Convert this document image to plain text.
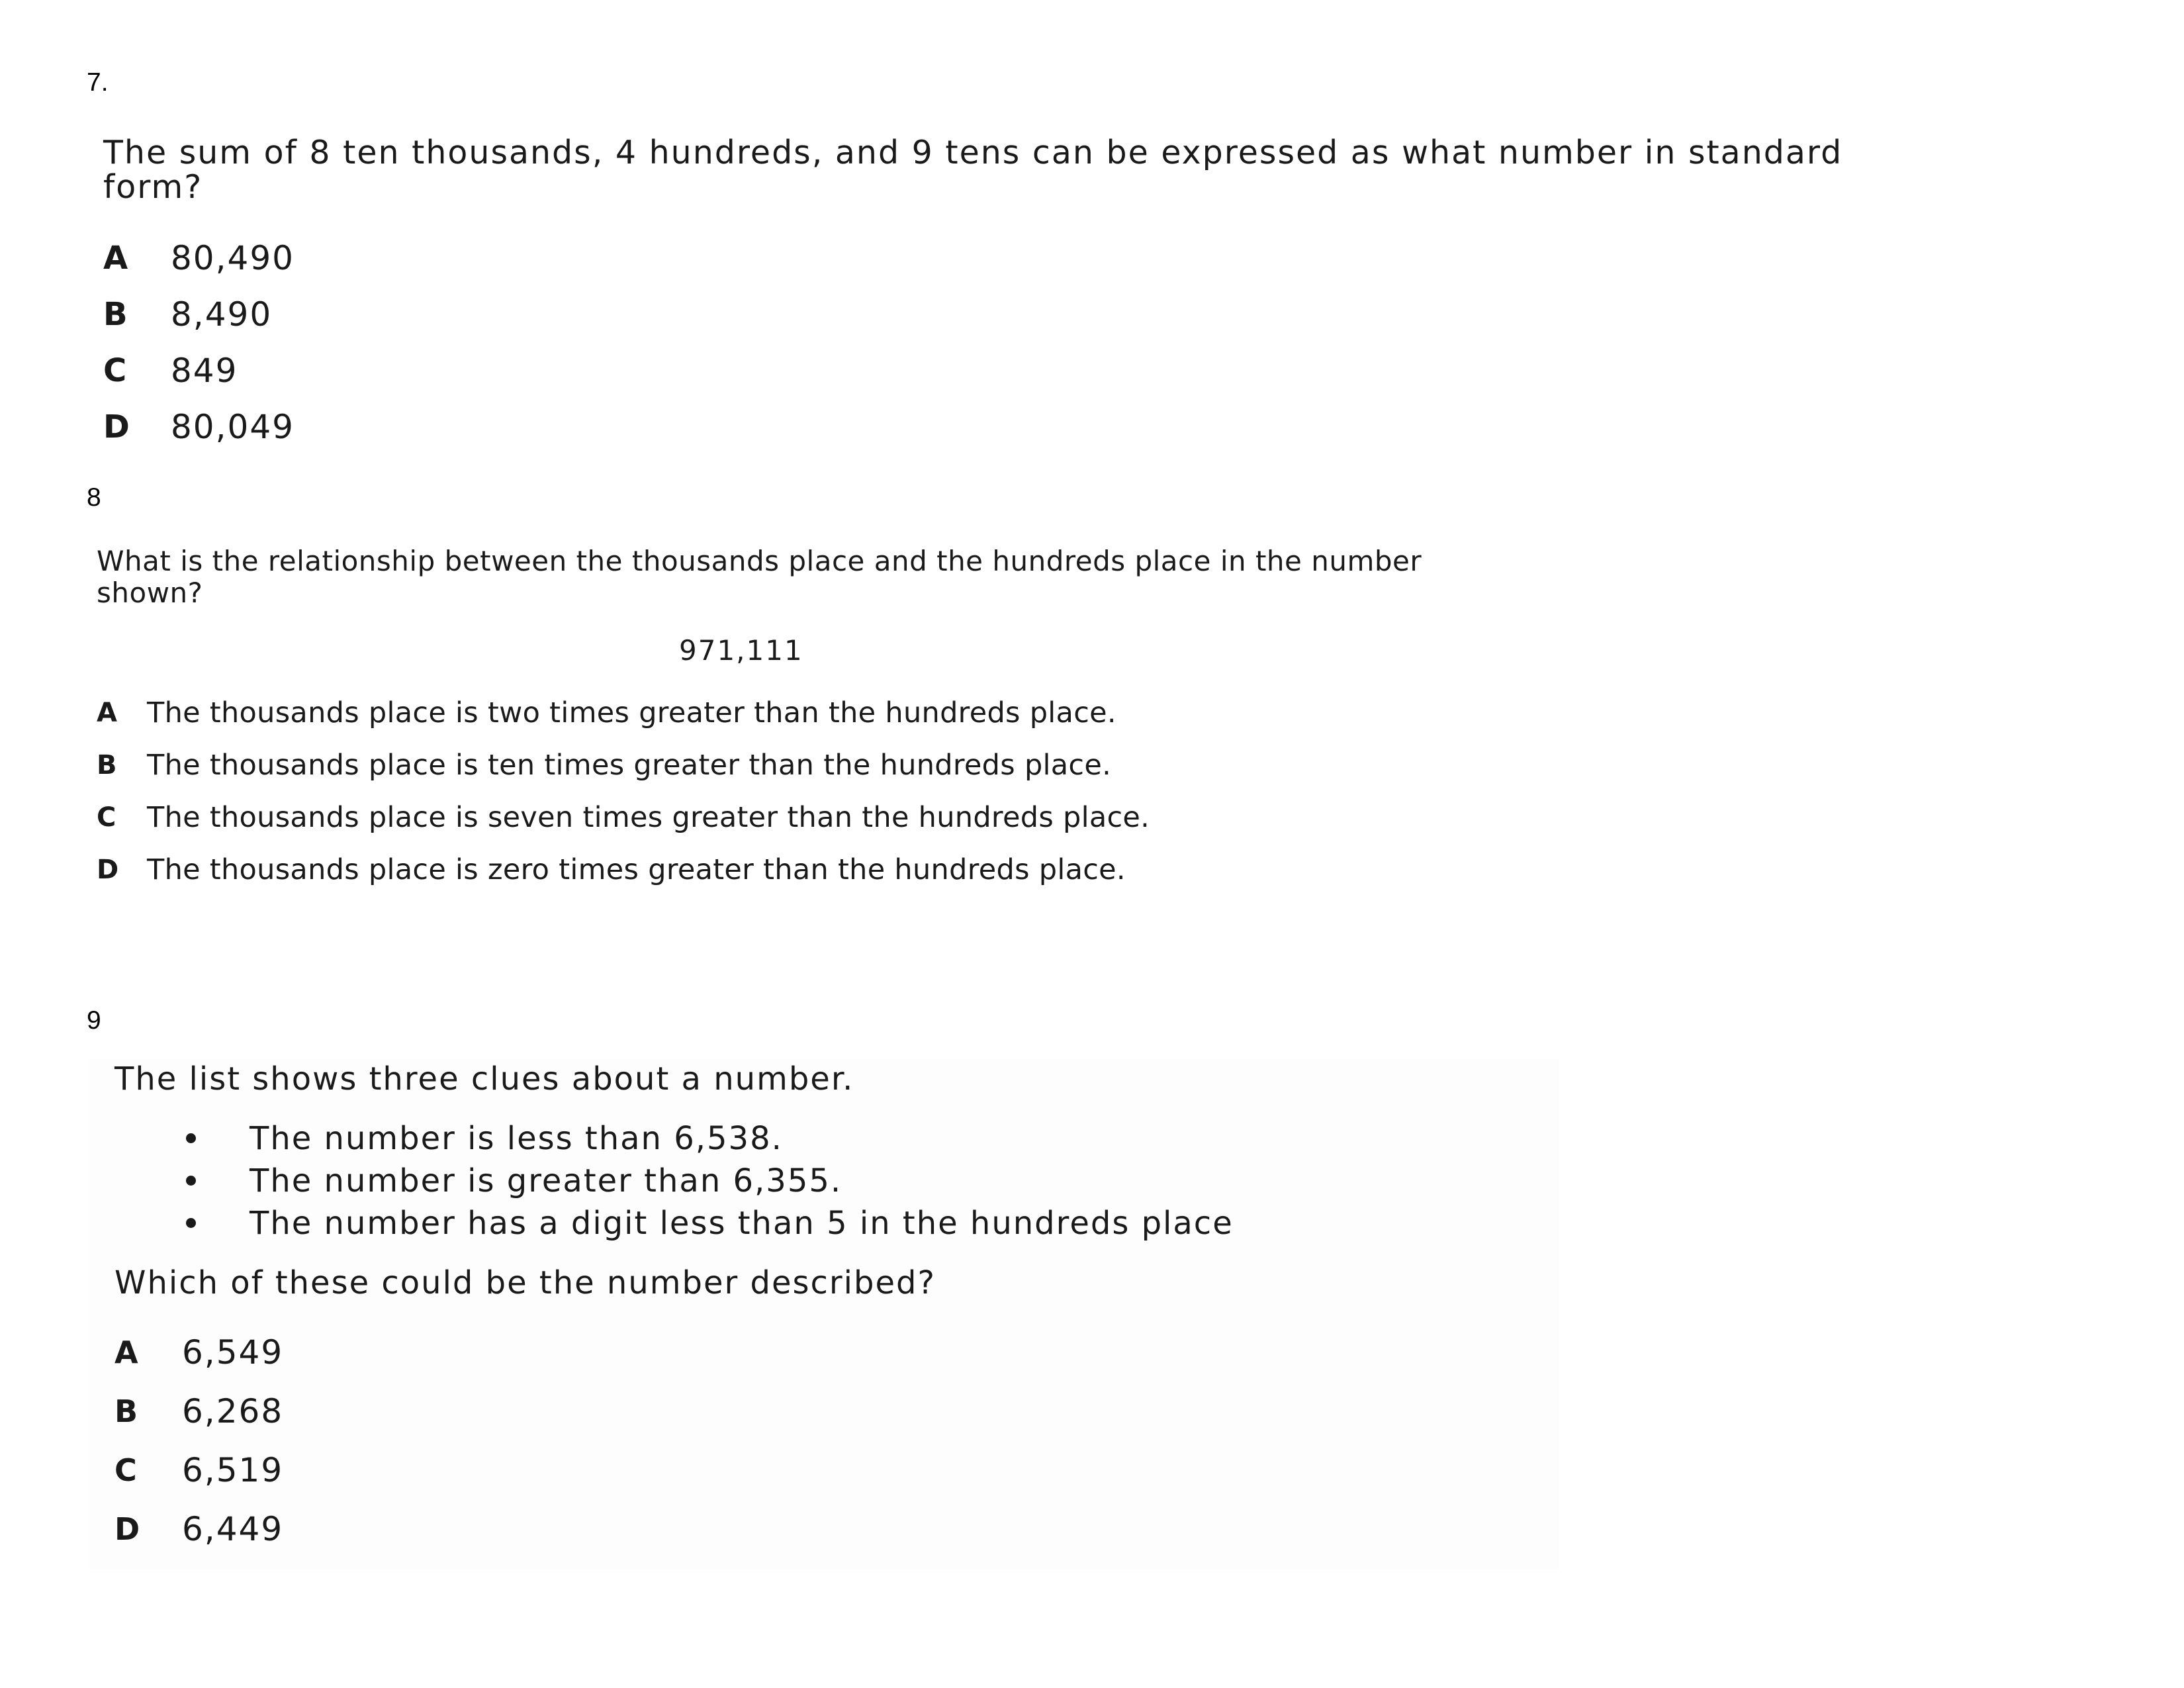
7.
The sum of 8 ten thousands, 4 hundreds, and 9 tens can be expressed as what number in standard form?
A	80,490
B	8,490
C	849
D	80,049
8
What is the relationship between the thousands place and the hundreds place in the number shown?
971,111
A	The thousands place is two times greater than the hundreds place.
B	The thousands place is ten times greater than the hundreds place.
C	The thousands place is seven times greater than the hundreds place.
D The thousands place is zero times greater than the hundreds place.
9
The list shows three clues about a number.
The number is less than 6,538.
The number is greater than 6,355.
The number has a digit less than 5 in the hundreds place
Which of these could be the number described?
A	6,549
B	6,268
C	6,519
D	6,449
